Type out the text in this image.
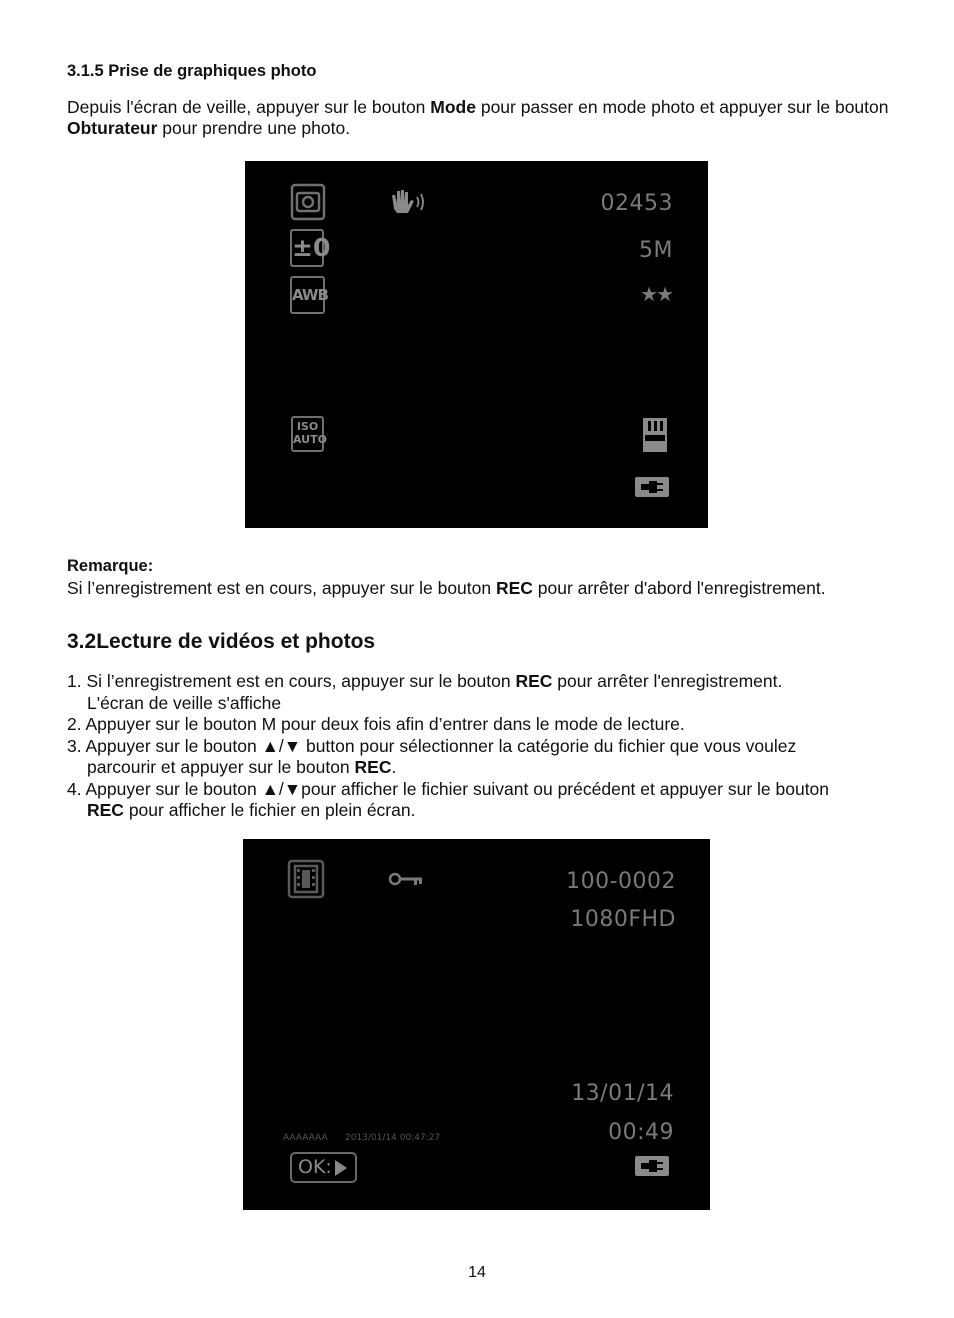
3.1.5 Prise de graphiques photo
Depuis l'écran de veille, appuyer sur le bouton Mode pour passer en mode photo et appuyer sur le bouton Obturateur pour prendre une photo.
02453
±0	5M
AWB	★★
ISO
AUTO
Remarque:
Si l’enregistrement est en cours, appuyer sur le bouton REC pour arrêter d'abord l'enregistrement.
3.2Lecture de vidéos et photos
1. Si l’enregistrement est en cours, appuyer sur le bouton REC pour arrêter l'enregistrement.
L'écran de veille s'affiche
2. Appuyer sur le bouton M pour deux fois afin d’entrer dans le mode de lecture.
3. Appuyer sur le bouton ▲/▼ button pour sélectionner la catégorie du fichier que vous voulez
parcourir et appuyer sur le bouton REC.
4. Appuyer sur le bouton ▲/▼pour afficher le fichier suivant ou précédent et appuyer sur le bouton
REC pour afficher le fichier en plein écran.
100-0002
1080FHD
13/01/14
00:49
AAAAAAA 2013/01/14 00:47:27
OK:
14
